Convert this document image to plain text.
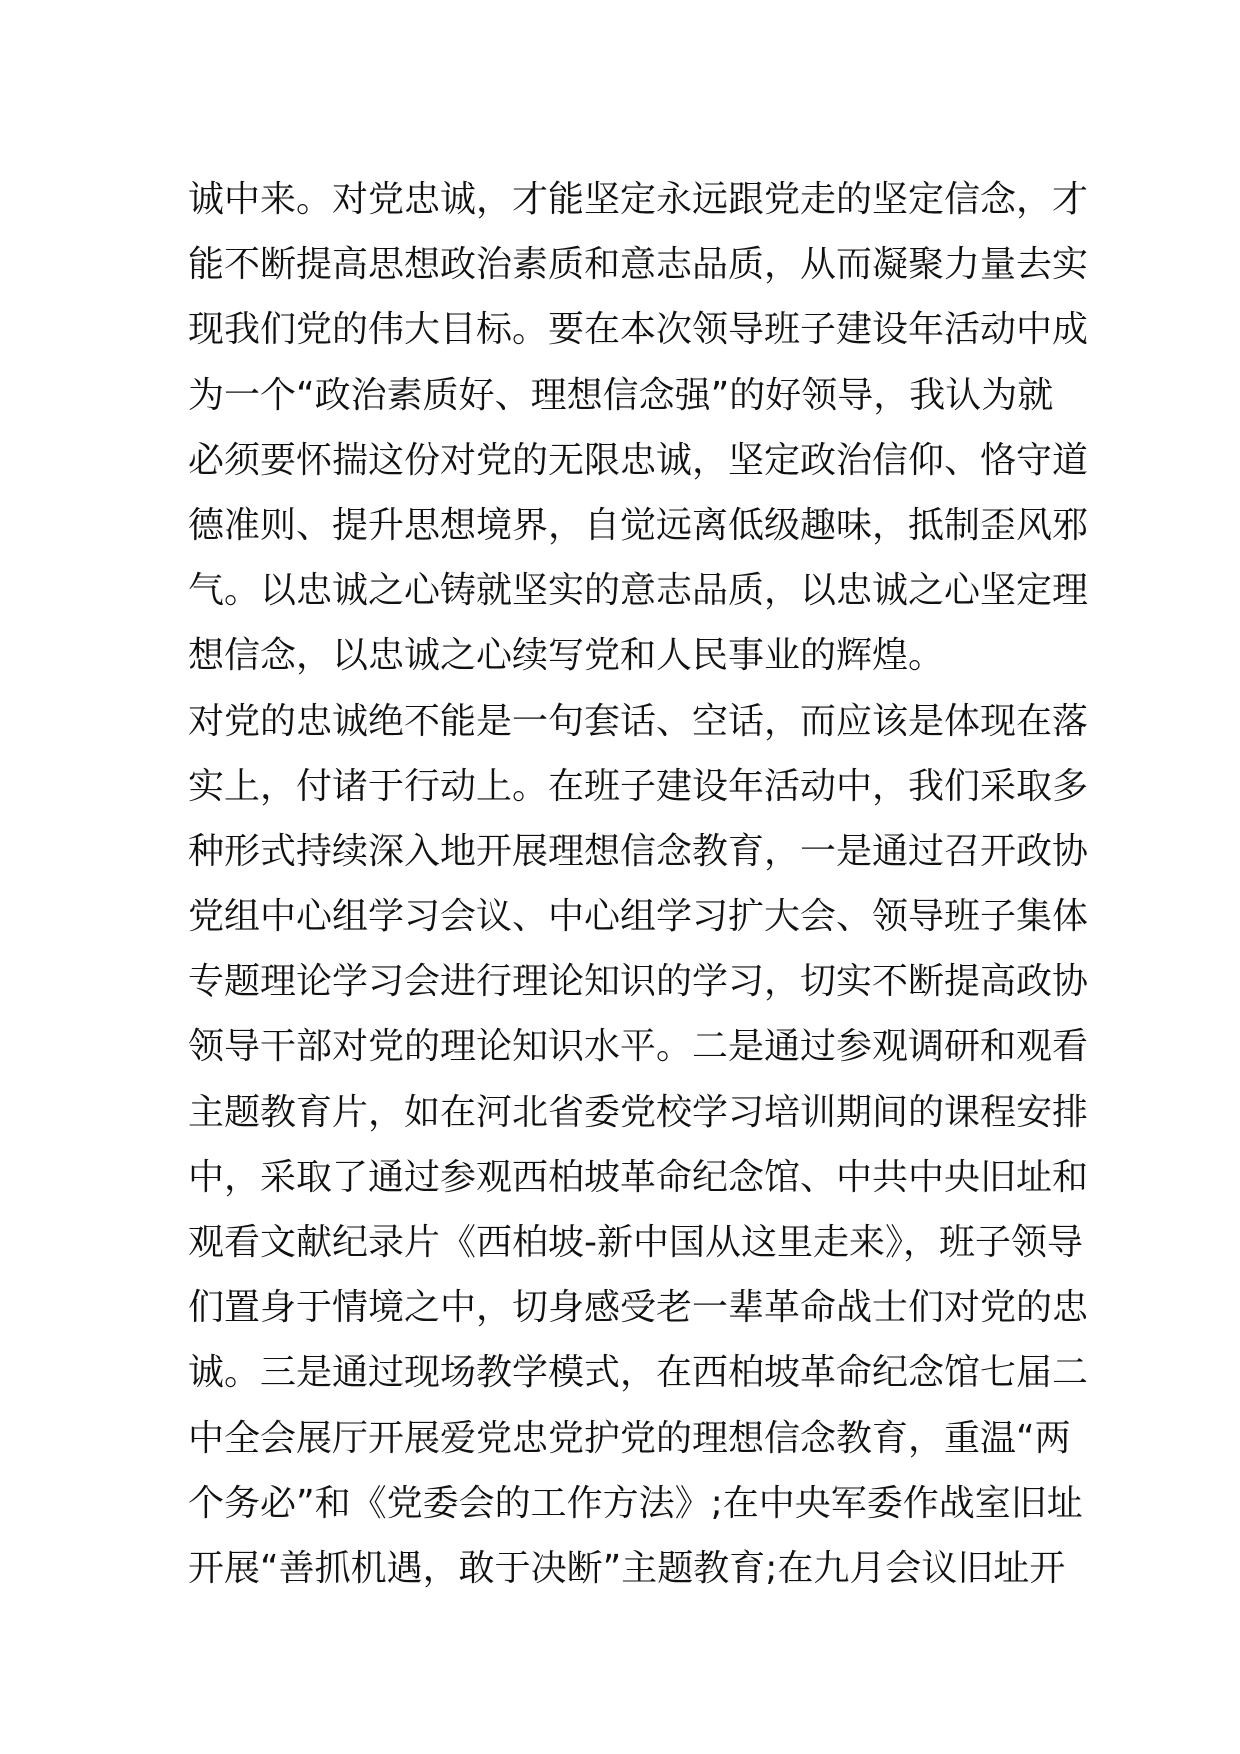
诚中来。对党忠诚，才能坚定永远跟党走的坚定信念，才
能不断提高思想政治素质和意志品质，从而凝聚力量去实
现我们党的伟大目标。要在本次领导班子建设年活动中成
为一个“政治素质好、理想信念强”的好领导，我认为就
必须要怀揣这份对党的无限忠诚，坚定政治信仰、恪守道
德准则、提升思想境界，自觉远离低级趣味，抵制歪风邪
气。以忠诚之心铸就坚实的意志品质，以忠诚之心坚定理
想信念，以忠诚之心续写党和人民事业的辉煌。
对党的忠诚绝不能是一句套话、空话，而应该是体现在落
实上，付诸于行动上。在班子建设年活动中，我们采取多
种形式持续深入地开展理想信念教育，一是通过召开政协
党组中心组学习会议、中心组学习扩大会、领导班子集体
专题理论学习会进行理论知识的学习，切实不断提高政协
领导干部对党的理论知识水平。二是通过参观调研和观看
主题教育片，如在河北省委党校学习培训期间的课程安排
中，采取了通过参观西柏坡革命纪念馆、中共中央旧址和
观看文献纪录片《西柏坡-新中国从这里走来》，班子领导
们置身于情境之中，切身感受老一辈革命战士们对党的忠
诚。三是通过现场教学模式，在西柏坡革命纪念馆七届二
中全会展厅开展爱党忠党护党的理想信念教育，重温“两
个务必”和《党委会的工作方法》;在中央军委作战室旧址
开展“善抓机遇，敢于决断”主题教育;在九月会议旧址开
